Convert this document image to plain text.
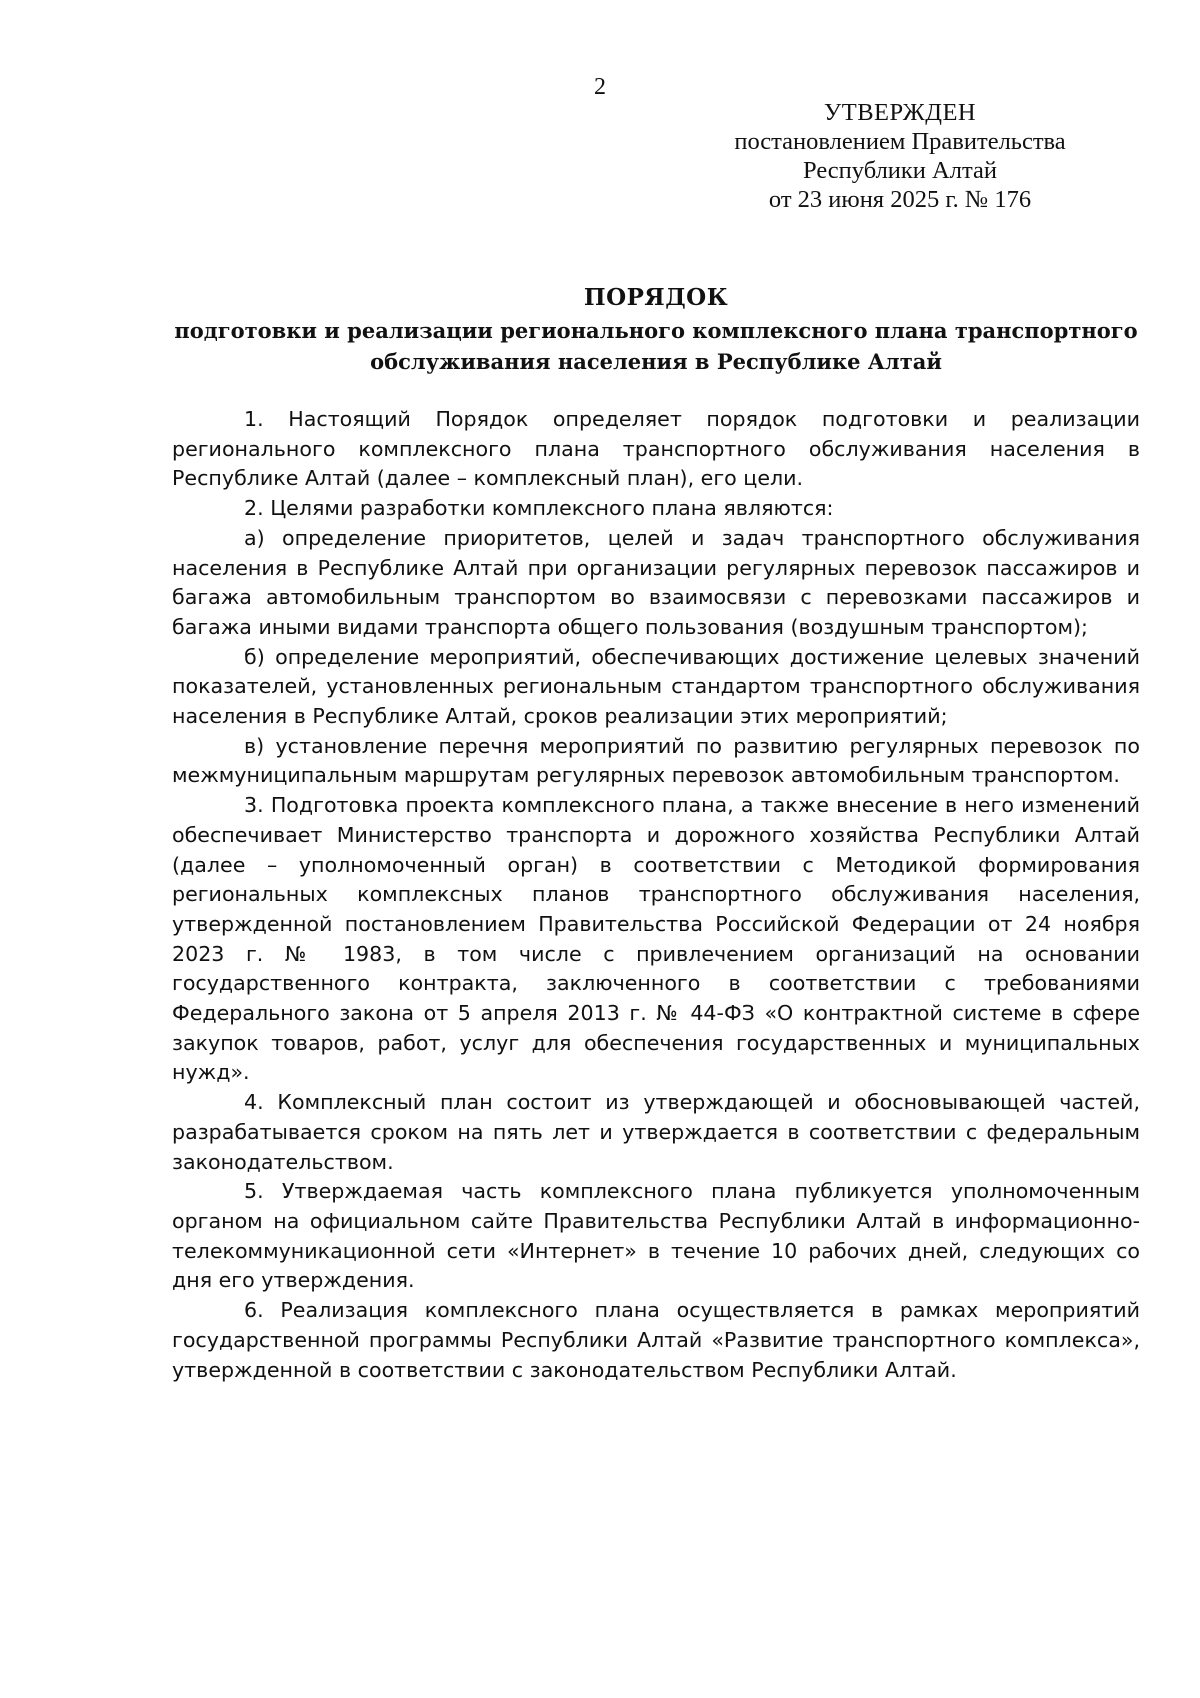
2
УТВЕРЖДЕН
постановлением Правительства
Республики Алтай
от 23 июня 2025 г. № 176
ПОРЯДОК
подготовки и реализации регионального комплексного плана транспортного
обслуживания населения в Республике Алтай

1. Настоящий Порядок определяет порядок подготовки и реализации регионального комплексного плана транспортного обслуживания населения в Республике Алтай (далее – комплексный план), его цели.

2. Целями разработки комплексного плана являются:

а) определение приоритетов, целей и задач транспортного обслуживания населения в Республике Алтай при организации регулярных перевозок пассажиров и багажа автомобильным транспортом во взаимосвязи с перевозками пассажиров и багажа иными видами транспорта общего пользования (воздушным транспортом);

б) определение мероприятий, обеспечивающих достижение целевых значений показателей, установленных региональным стандартом транспортного обслуживания населения в Республике Алтай, сроков реализации этих мероприятий;

в) установление перечня мероприятий по развитию регулярных перевозок по межмуниципальным маршрутам регулярных перевозок автомобильным транспортом.

3. Подготовка проекта комплексного плана, а также внесение в него изменений обеспечивает Министерство транспорта и дорожного хозяйства Республики Алтай (далее – уполномоченный орган) в соответствии с Методикой формирования региональных комплексных планов транспортного обслуживания населения, утвержденной постановлением Правительства Российской Федерации от 24 ноября 2023 г. № 1983, в том числе с привлечением организаций на основании государственного контракта, заключенного в соответствии с требованиями Федерального закона от 5 апреля 2013 г. № 44-ФЗ «О контрактной системе в сфере закупок товаров, работ, услуг для обеспечения государственных и муниципальных нужд».

4. Комплексный план состоит из утверждающей и обосновывающей частей, разрабатывается сроком на пять лет и утверждается в соответствии с федеральным законодательством.

5. Утверждаемая часть комплексного плана публикуется уполномоченным органом на официальном сайте Правительства Республики Алтай в информационно-телекоммуникационной сети «Интернет» в течение 10 рабочих дней, следующих со дня его утверждения.

6. Реализация комплексного плана осуществляется в рамках мероприятий государственной программы Республики Алтай «Развитие транспортного комплекса», утвержденной в соответствии с законодательством Республики Алтай.
